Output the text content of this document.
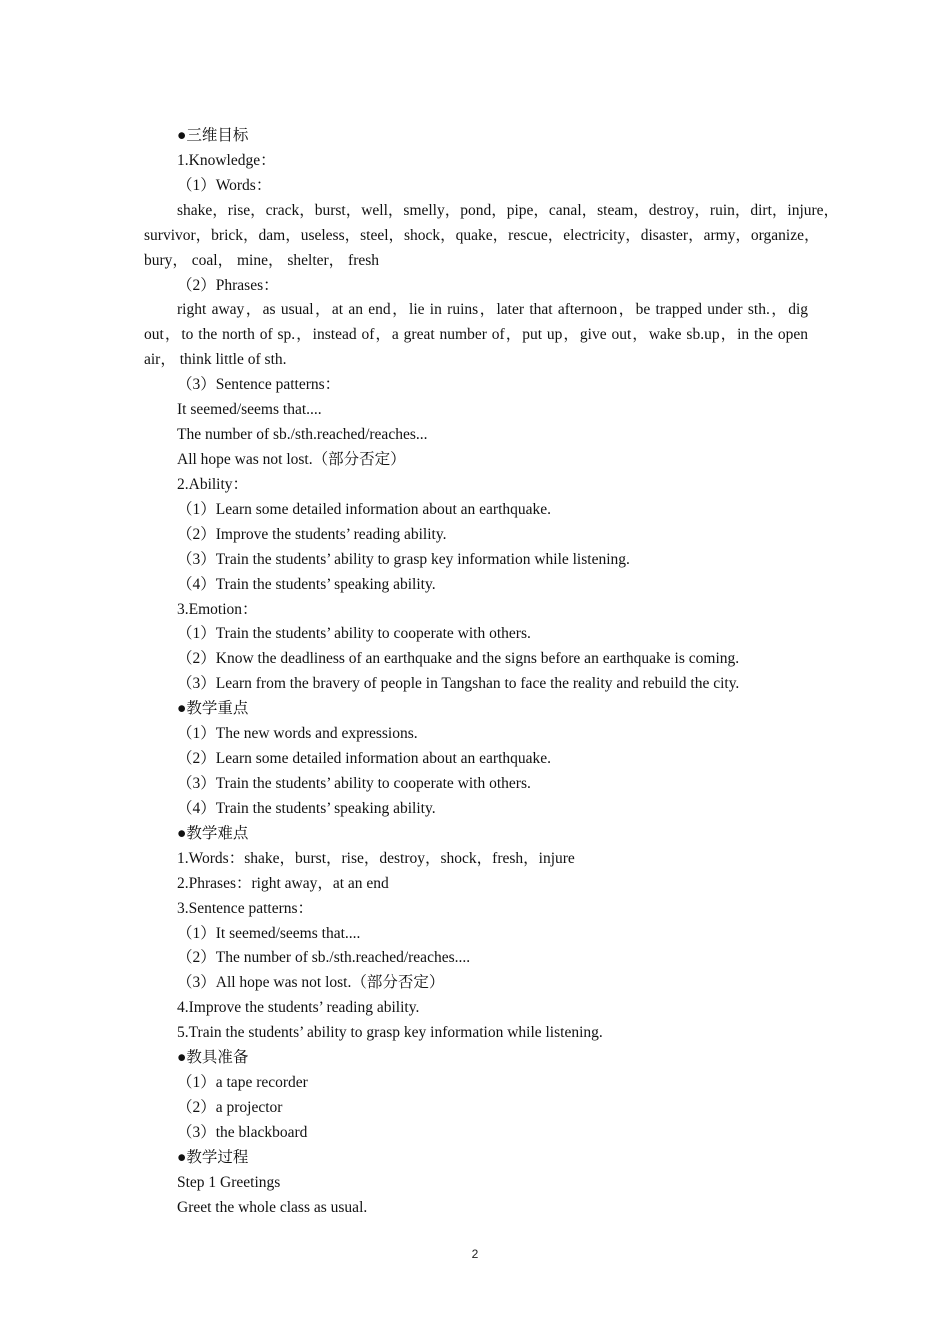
●三维目标
1.Knowledge：
（1）Words：
shake，rise，crack，burst，well，smelly，pond，pipe，canal，steam，destroy，ruin，dirt，injure，
survivor，brick，dam，useless，steel，shock，quake，rescue，electricity，disaster，army，organize，
bury， coal， mine， shelter， fresh
（2）Phrases：
right away，as usual，at an end，lie in ruins，later that afternoon，be trapped under sth.，dig
out，to the north of sp.，instead of，a great number of，put up，give out，wake sb.up，in the open
air， think little of sth.
（3）Sentence patterns：
It seemed/seems that....
The number of sb./sth.reached/reaches...
All hope was not lost.（部分否定）
2.Ability：
（1）Learn some detailed information about an earthquake.
（2）Improve the students’ reading ability.
（3）Train the students’ ability to grasp key information while listening.
（4）Train the students’ speaking ability.
3.Emotion：
（1）Train the students’ ability to cooperate with others.
（2）Know the deadliness of an earthquake and the signs before an earthquake is coming.
（3）Learn from the bravery of people in Tangshan to face the reality and rebuild the city.
●教学重点
（1）The new words and expressions.
（2）Learn some detailed information about an earthquake.
（3）Train the students’ ability to cooperate with others.
（4）Train the students’ speaking ability.
●教学难点
1.Words：shake，burst，rise，destroy，shock，fresh，injure
2.Phrases：right away，at an end
3.Sentence patterns：
（1）It seemed/seems that....
（2）The number of sb./sth.reached/reaches....
（3）All hope was not lost.（部分否定）
4.Improve the students’ reading ability.
5.Train the students’ ability to grasp key information while listening.
●教具准备
（1）a tape recorder
（2）a projector
（3）the blackboard
●教学过程
Step 1 Greetings
Greet the whole class as usual.
2
